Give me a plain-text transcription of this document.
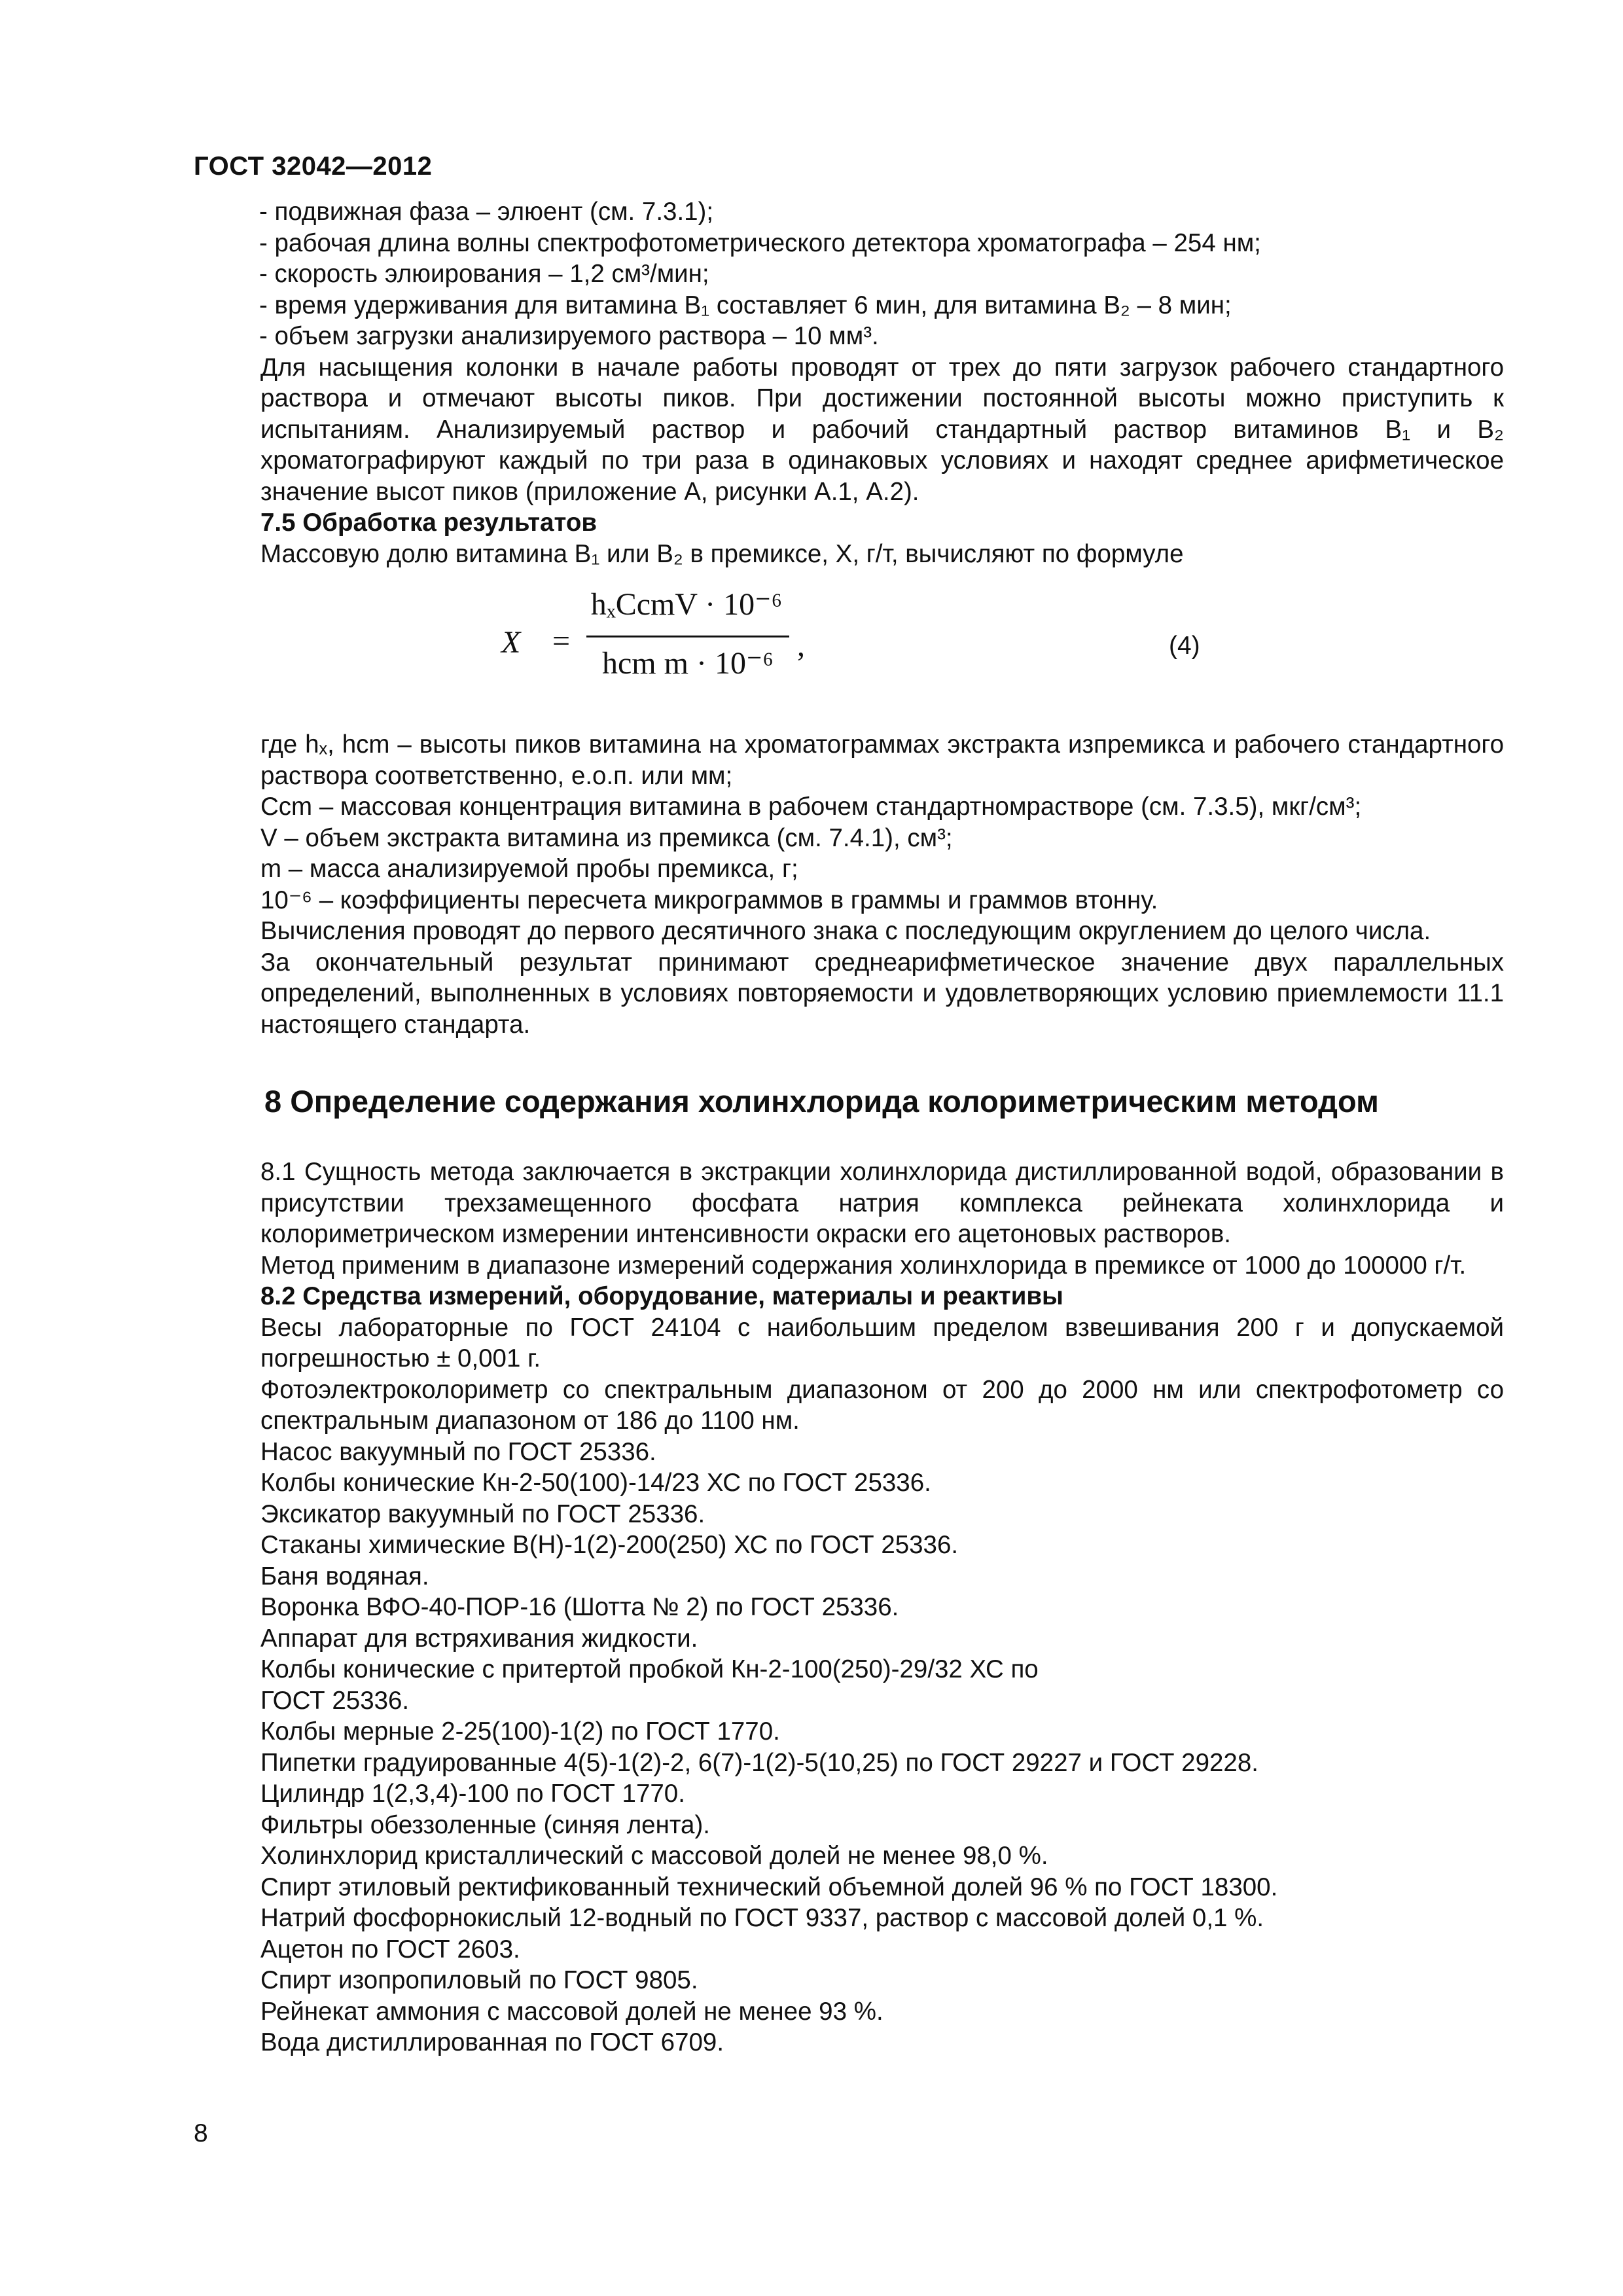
ГОСТ 32042—2012

- подвижная фаза – элюент (см. 7.3.1);

- рабочая длина волны спектрофотометрического детектора хроматографа – 254 нм;

- скорость элюирования – 1,2 см³/мин;

- время удерживания для витамина B₁ составляет 6 мин, для витамина B₂ – 8 мин;

- объем загрузки анализируемого раствора – 10 мм³.

Для насыщения колонки в начале работы проводят от трех до пяти загрузок рабочего стандартного раствора и отмечают высоты пиков. При достижении постоянной высоты можно приступить к испытаниям. Анализируемый раствор и рабочий стандартный раствор витаминов B₁ и B₂ хроматографируют каждый по три раза в одинаковых условиях и находят среднее арифметическое значение высот пиков (приложение А, рисунки А.1, А.2).

7.5 Обработка результатов

Массовую долю витамина B₁ или B₂ в премиксе, X, г/т, вычисляют по формуле

X =
hₓCcmV · 10⁻⁶
hcm m · 10⁻⁶
,	(4)

где hₓ, hcm – высоты пиков витамина на хроматограммах экстракта изпремикса и рабочего стандартного раствора соответственно, е.о.п. или мм;

Ccm – массовая концентрация витамина в рабочем стандартномрастворе (см. 7.3.5), мкг/см³;

V – объем экстракта витамина из премикса (см. 7.4.1), см³;

m – масса анализируемой пробы премикса, г;

10⁻⁶ – коэффициенты пересчета микрограммов в граммы и граммов втонну.

Вычисления проводят до первого десятичного знака с последующим округлением до целого числа.

За окончательный результат принимают среднеарифметическое значение двух параллельных определений, выполненных в условиях повторяемости и удовлетворяющих условию приемлемости 11.1 настоящего стандарта.

8 Определение содержания холинхлорида колориметрическим методом

8.1 Сущность метода заключается в экстракции холинхлорида дистиллированной водой, образовании в присутствии трехзамещенного фосфата натрия комплекса рейнеката холинхлорида и колориметрическом измерении интенсивности окраски его ацетоновых растворов.

Метод применим в диапазоне измерений содержания холинхлорида в премиксе от 1000 до 100000 г/т.

8.2 Средства измерений, оборудование, материалы и реактивы

Весы лабораторные по ГОСТ 24104 с наибольшим пределом взвешивания 200 г и допускаемой погрешностью ± 0,001 г.

Фотоэлектроколориметр со спектральным диапазоном от 200 до 2000 нм или спектрофотометр со спектральным диапазоном от 186 до 1100 нм.

Насос вакуумный по ГОСТ 25336.

Колбы конические Кн-2-50(100)-14/23 ХС по ГОСТ 25336.

Эксикатор вакуумный по ГОСТ 25336.

Стаканы химические В(Н)-1(2)-200(250) ХС по ГОСТ 25336.

Баня водяная.

Воронка ВФО-40-ПОР-16 (Шотта № 2) по ГОСТ 25336.

Аппарат для встряхивания жидкости.

Колбы конические с притертой пробкой Кн-2-100(250)-29/32 ХС по

ГОСТ 25336.

Колбы мерные 2-25(100)-1(2) по ГОСТ 1770.

Пипетки градуированные 4(5)-1(2)-2, 6(7)-1(2)-5(10,25) по ГОСТ 29227 и ГОСТ 29228.

Цилиндр 1(2,3,4)-100 по ГОСТ 1770.

Фильтры обеззоленные (синяя лента).

Холинхлорид кристаллический с массовой долей не менее 98,0 %.

Спирт этиловый ректификованный технический объемной долей 96 % по ГОСТ 18300.

Натрий фосфорнокислый 12-водный по ГОСТ 9337, раствор с массовой долей 0,1 %.

Ацетон по ГОСТ 2603.

Спирт изопропиловый по ГОСТ 9805.

Рейнекат аммония с массовой долей не менее 93 %.

Вода дистиллированная по ГОСТ 6709.

8
